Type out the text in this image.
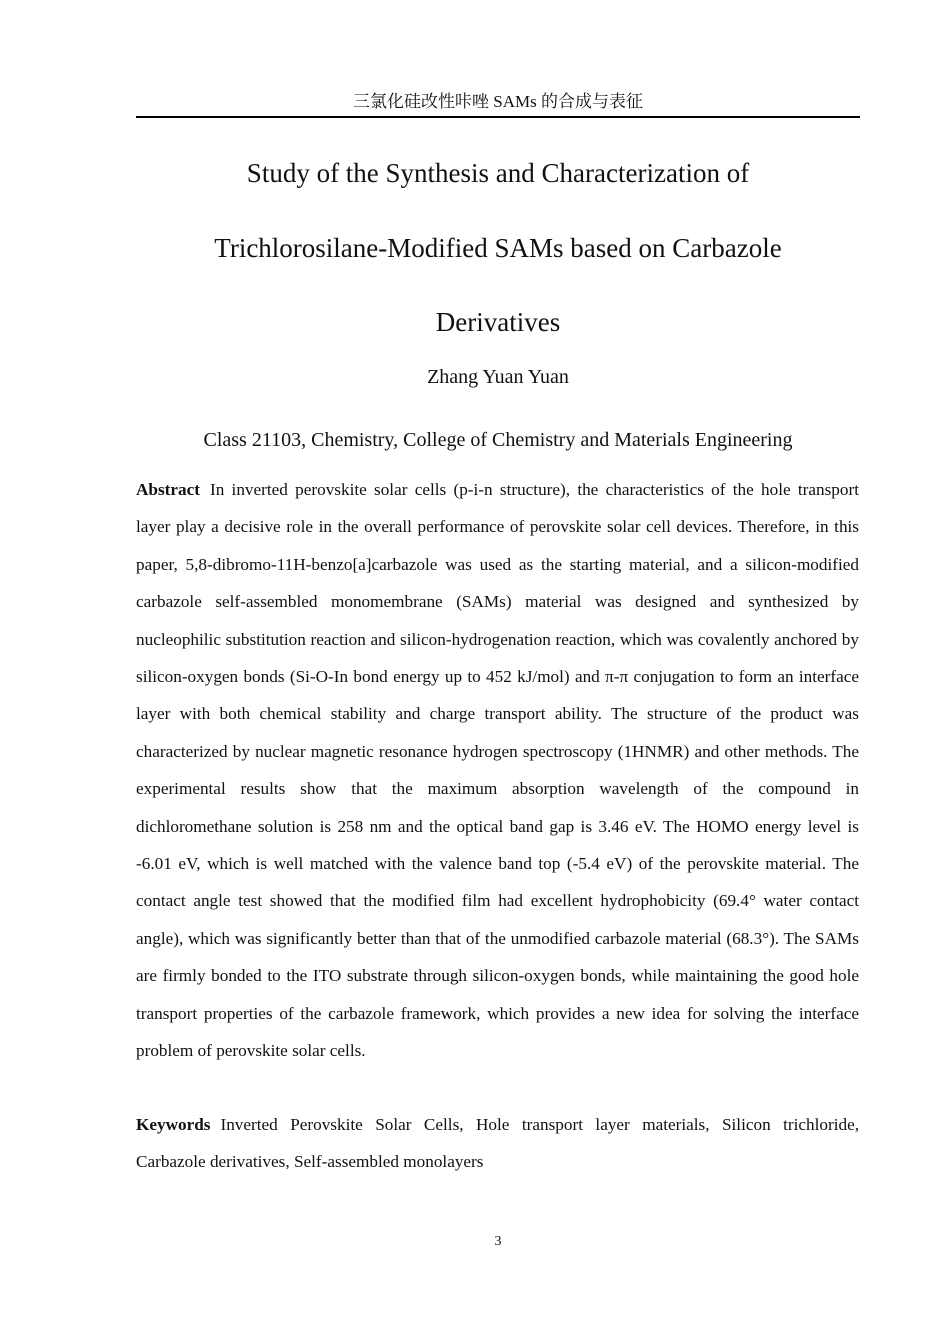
三氯化硅改性咔唑 SAMs 的合成与表征
Study of the Synthesis and Characterization of
Trichlorosilane-Modified SAMs based on Carbazole
Derivatives
Zhang Yuan Yuan
Class 21103, Chemistry, College of Chemistry and Materials Engineering

Abstract In inverted perovskite solar cells (p-i-n structure), the characteristics of the hole transport layer play a decisive role in the overall performance of perovskite solar cell devices. Therefore, in this paper, 5,8-dibromo-11H-benzo[a]carbazole was used as the starting material, and a silicon-modified carbazole self-assembled monomembrane (SAMs) material was designed and synthesized by nucleophilic substitution reaction and silicon-hydrogenation reaction, which was covalently anchored by silicon-oxygen bonds (Si-O-In bond energy up to 452 kJ/mol) and π-π conjugation to form an interface layer with both chemical stability and charge transport ability. The structure of the product was characterized by nuclear magnetic resonance hydrogen spectroscopy (1HNMR) and other methods. The experimental results show that the maximum absorption wavelength of the compound in dichloromethane solution is 258 nm and the optical band gap is 3.46 eV. The HOMO energy level is -6.01 eV, which is well matched with the valence band top (-5.4 eV) of the perovskite material. The contact angle test showed that the modified film had excellent hydrophobicity (69.4° water contact angle), which was significantly better than that of the unmodified carbazole material (68.3°). The SAMs are firmly bonded to the ITO substrate through silicon-oxygen bonds, while maintaining the good hole transport properties of the carbazole framework, which provides a new idea for solving the interface problem of perovskite solar cells.

Keywords Inverted Perovskite Solar Cells, Hole transport layer materials, Silicon trichloride, Carbazole derivatives, Self-assembled monolayers

3
